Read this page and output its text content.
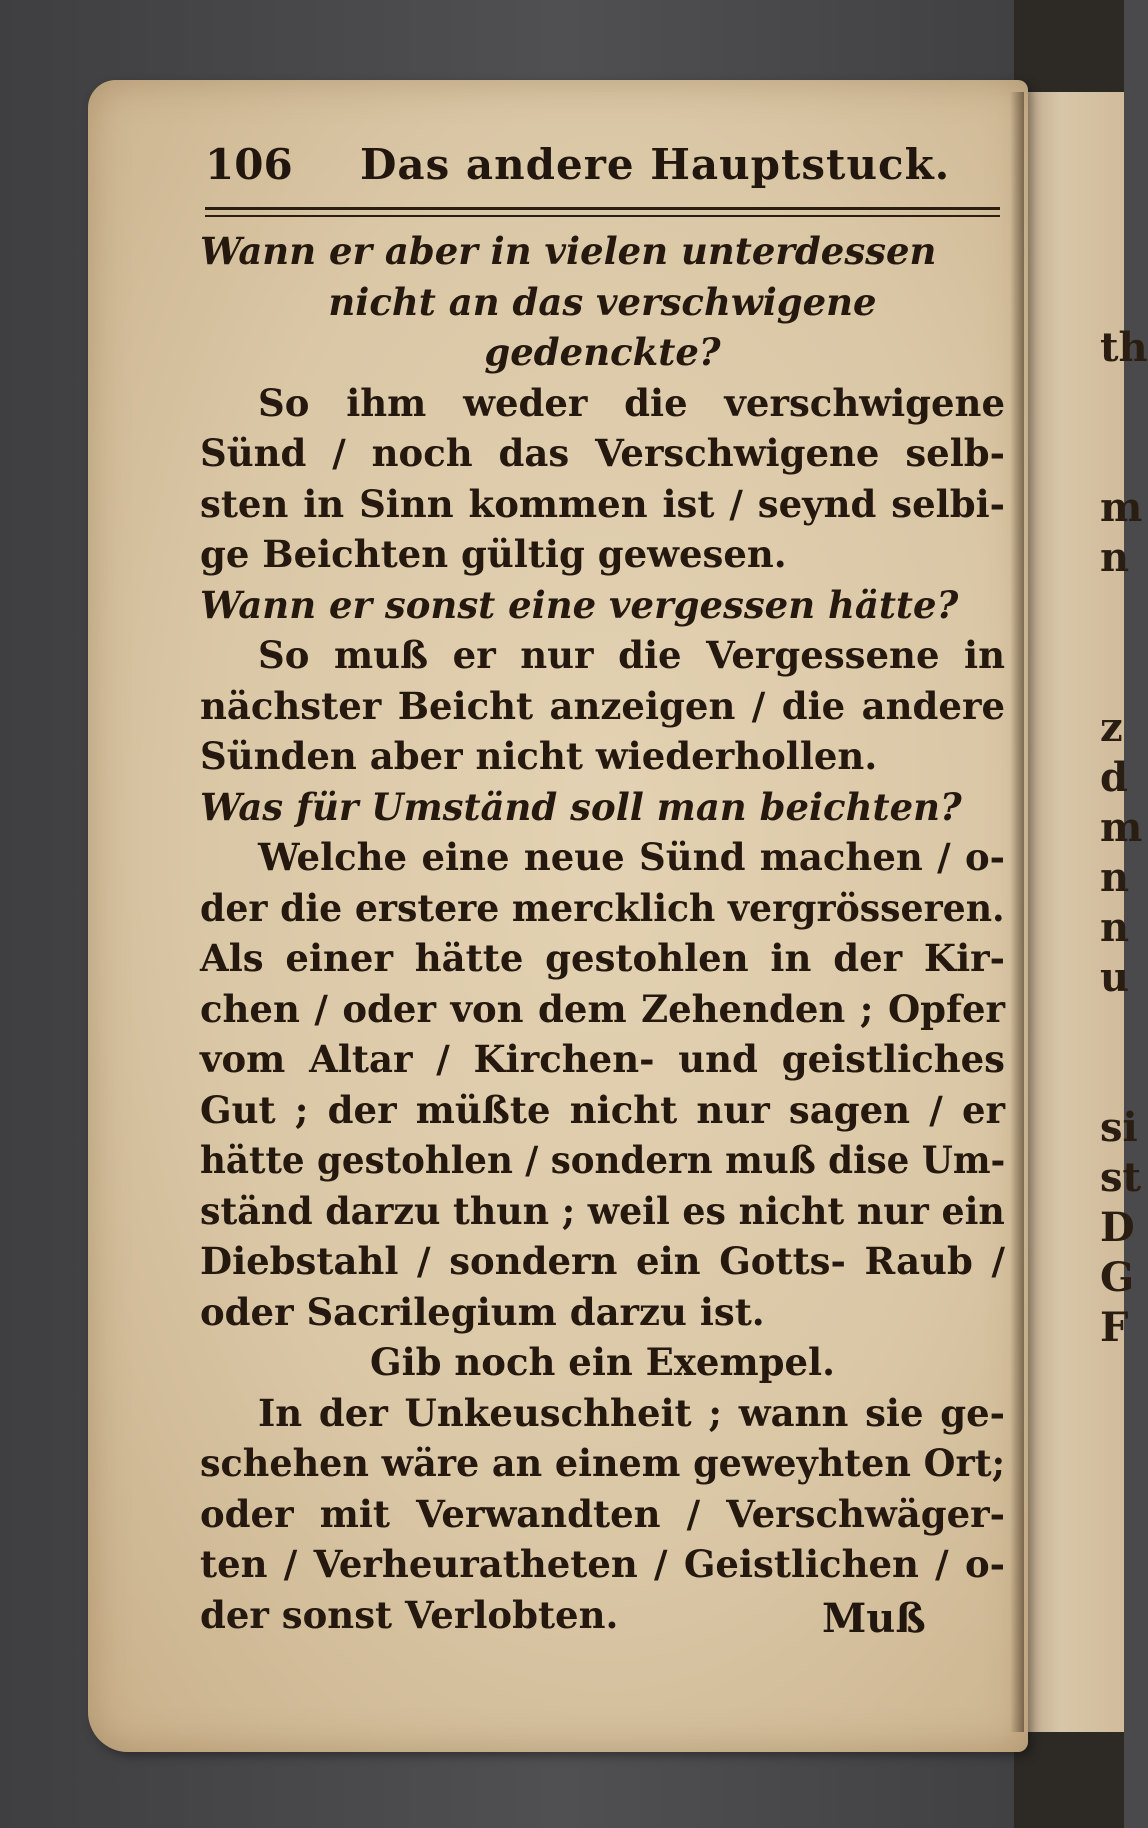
th
m
n
z
d
m
n
n
u
si
st
D
G
F
106 Das andere Hauptstuck.
Wann er aber in vielen unterdessen
nicht an das verschwigene
gedenckte?
So ihm weder die verschwigene
Sünd / noch das Verschwigene selb-
sten in Sinn kommen ist / seynd selbi-
ge Beichten gültig gewesen.
Wann er sonst eine vergessen hätte?
So muß er nur die Vergessene in
nächster Beicht anzeigen / die andere
Sünden aber nicht wiederhollen.
Was für Umständ soll man beichten?
Welche eine neue Sünd machen / o-
der die erstere mercklich vergrösseren.
Als einer hätte gestohlen in der Kir-
chen / oder von dem Zehenden ; Opfer
vom Altar / Kirchen- und geistliches
Gut ; der müßte nicht nur sagen / er
hätte gestohlen / sondern muß dise Um-
ständ darzu thun ; weil es nicht nur ein
Diebstahl / sondern ein Gotts- Raub /
oder Sacrilegium darzu ist.
Gib noch ein Exempel.
In der Unkeuschheit ; wann sie ge-
schehen wäre an einem geweyhten Ort;
oder mit Verwandten / Verschwäger-
ten / Verheuratheten / Geistlichen / o-
der sonst Verlobten.	Muß
